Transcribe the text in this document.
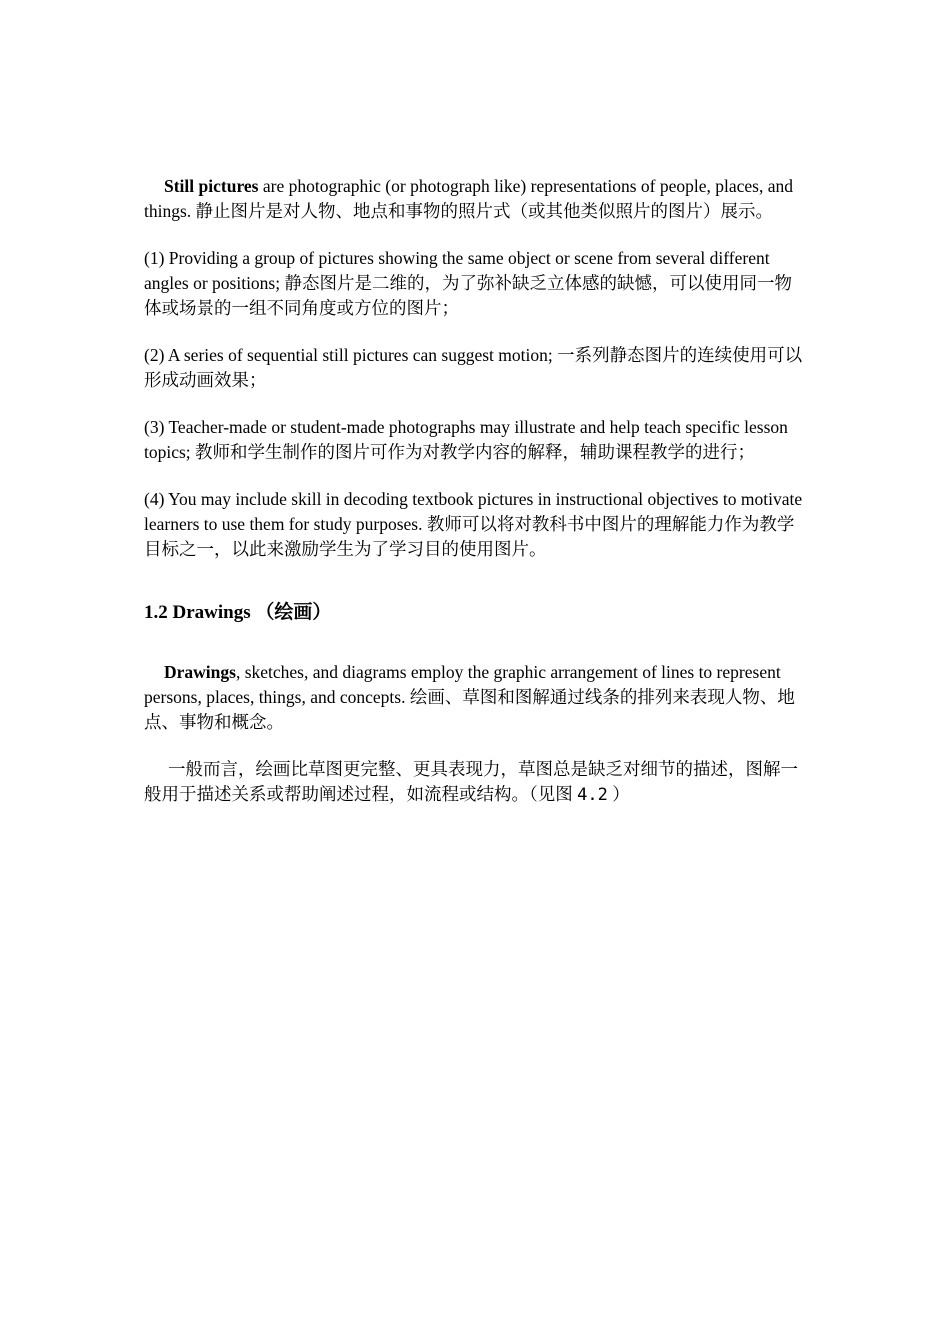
Still pictures are photographic (or photograph like) representations of people, places, and things. 静止图片是对人物、地点和事物的照片式（或其他类似照片的图片）展示。

(1) Providing a group of pictures showing the same object or scene from several different angles or positions; 静态图片是二维的，为了弥补缺乏立体感的缺憾，可以使用同一物体或场景的一组不同角度或方位的图片；

(2) A series of sequential still pictures can suggest motion; 一系列静态图片的连续使用可以形成动画效果；

(3) Teacher-made or student-made photographs may illustrate and help teach specific lesson topics; 教师和学生制作的图片可作为对教学内容的解释，辅助课程教学的进行；

(4) You may include skill in decoding textbook pictures in instructional objectives to motivate learners to use them for study purposes. 教师可以将对教科书中图片的理解能力作为教学目标之一，以此来激励学生为了学习目的使用图片。

1.2 Drawings （绘画）

Drawings, sketches, and diagrams employ the graphic arrangement of lines to represent persons, places, things, and concepts. 绘画、草图和图解通过线条的排列来表现人物、地点、事物和概念。

一般而言，绘画比草图更完整、更具表现力，草图总是缺乏对细节的描述，图解一般用于描述关系或帮助阐述过程，如流程或结构。（见图 4.2 ）
